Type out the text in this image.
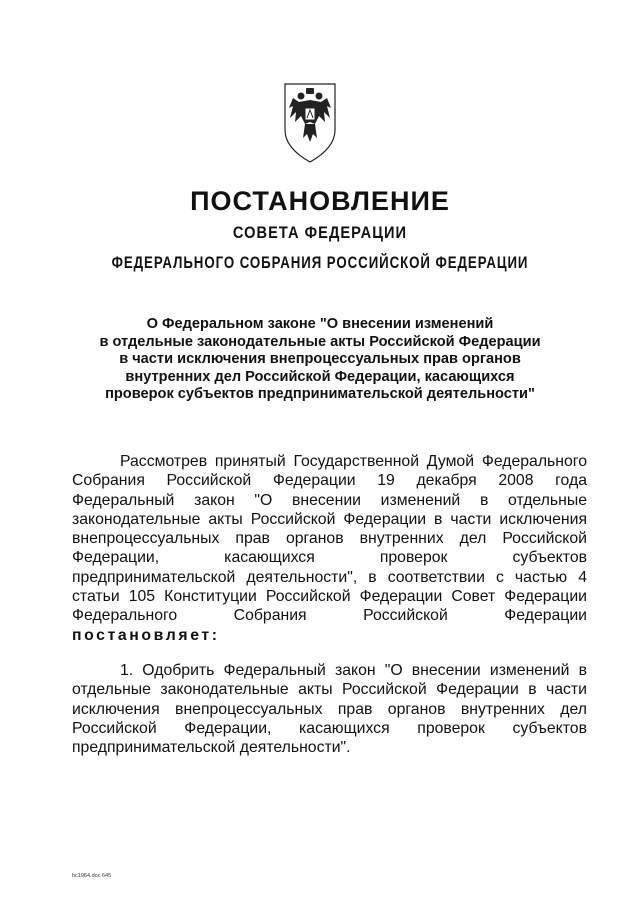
ПОСТАНОВЛЕНИЕ
СОВЕТА ФЕДЕРАЦИИ
ФЕДЕРАЛЬНОГО СОБРАНИЯ РОССИЙСКОЙ ФЕДЕРАЦИИ
О Федеральном законе "О внесении изменений
в отдельные законодательные акты Российской Федерации
в части исключения внепроцессуальных прав органов
внутренних дел Российской Федерации, касающихся
проверок субъектов предпринимательской деятельности"
Рассмотрев принятый Государственной Думой Федерального
Собрания Российской Федерации 19 декабря 2008 года
Федеральный закон "О внесении изменений в отдельные
законодательные акты Российской Федерации в части исключения
внепроцессуальных прав органов внутренних дел Российской
Федерации, касающихся проверок субъектов
предпринимательской деятельности", в соответствии с частью 4
статьи 105 Конституции Российской Федерации Совет Федерации
Федерального Собрания Российской Федерации
постановляет:
1. Одобрить Федеральный закон "О внесении изменений в
отдельные законодательные акты Российской Федерации в части
исключения внепроцессуальных прав органов внутренних дел
Российской Федерации, касающихся проверок субъектов
предпринимательской деятельности".
hc1964.doc 645
